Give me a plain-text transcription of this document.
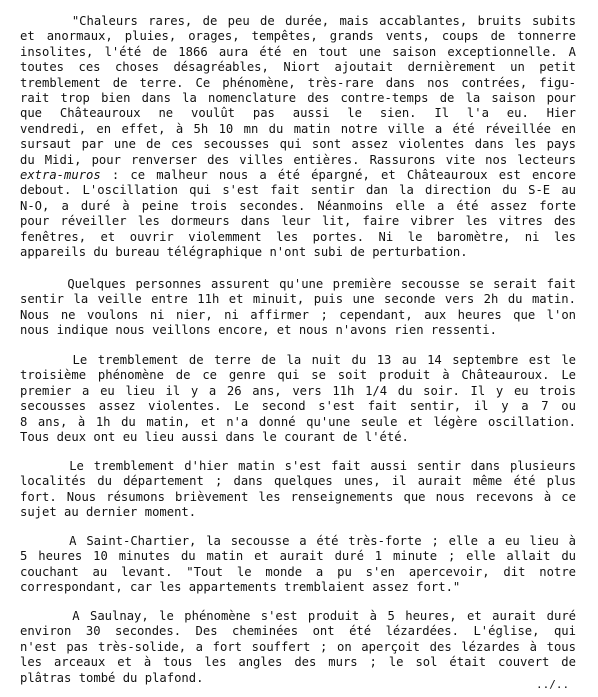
"Chaleurs rares, de peu de durée, mais accablantes, bruits subits
et anormaux, pluies, orages, tempêtes, grands vents, coups de tonnerre
insolites, l'été de 1866 aura été en tout une saison exceptionnelle. A
toutes ces choses désagréables, Niort ajoutait dernièrement un petit
tremblement de terre. Ce phénomène, très-rare dans nos contrées, figu-
rait trop bien dans la nomenclature des contre-temps de la saison pour
que Châteauroux ne voulût pas aussi le sien. Il l'a eu. Hier
vendredi, en effet, à 5h 10 mn du matin notre ville a été réveillée en
sursaut par une de ces secousses qui sont assez violentes dans les pays
du Midi, pour renverser des villes entières. Rassurons vite nos lecteurs
extra-muros : ce malheur nous a été épargné, et Châteauroux est encore
debout. L'oscillation qui s'est fait sentir dan la direction du S-E au
N-O, a duré à peine trois secondes. Néanmoins elle a été assez forte
pour réveiller les dormeurs dans leur lit, faire vibrer les vitres des
fenêtres, et ouvrir violemment les portes. Ni le baromètre, ni les
appareils du bureau télégraphique n'ont subi de perturbation.
Quelques personnes assurent qu'une première secousse se serait fait
sentir la veille entre 11h et minuit, puis une seconde vers 2h du matin.
Nous ne voulons ni nier, ni affirmer ; cependant, aux heures que l'on
nous indique nous veillons encore, et nous n'avons rien ressenti.
Le tremblement de terre de la nuit du 13 au 14 septembre est le
troisième phénomène de ce genre qui se soit produit à Châteauroux. Le
premier a eu lieu il y a 26 ans, vers 11h 1/4 du soir. Il y eu trois
secousses assez violentes. Le second s'est fait sentir, il y a 7 ou
8 ans, à 1h du matin, et n'a donné qu'une seule et légère oscillation.
Tous deux ont eu lieu aussi dans le courant de l'été.
Le tremblement d'hier matin s'est fait aussi sentir dans plusieurs
localités du département ; dans quelques unes, il aurait même été plus
fort. Nous résumons brièvement les renseignements que nous recevons à ce
sujet au dernier moment.
A Saint-Chartier, la secousse a été très-forte ; elle a eu lieu à
5 heures 10 minutes du matin et aurait duré 1 minute ; elle allait du
couchant au levant. "Tout le monde a pu s'en apercevoir, dit notre
correspondant, car les appartements tremblaient assez fort."
A Saulnay, le phénomène s'est produit à 5 heures, et aurait duré
environ 30 secondes. Des cheminées ont été lézardées. L'église, qui
n'est pas très-solide, a fort souffert ; on aperçoit des lézardes à tous
les arceaux et à tous les angles des murs ; le sol était couvert de
plâtras tombé du plafond.	../..
